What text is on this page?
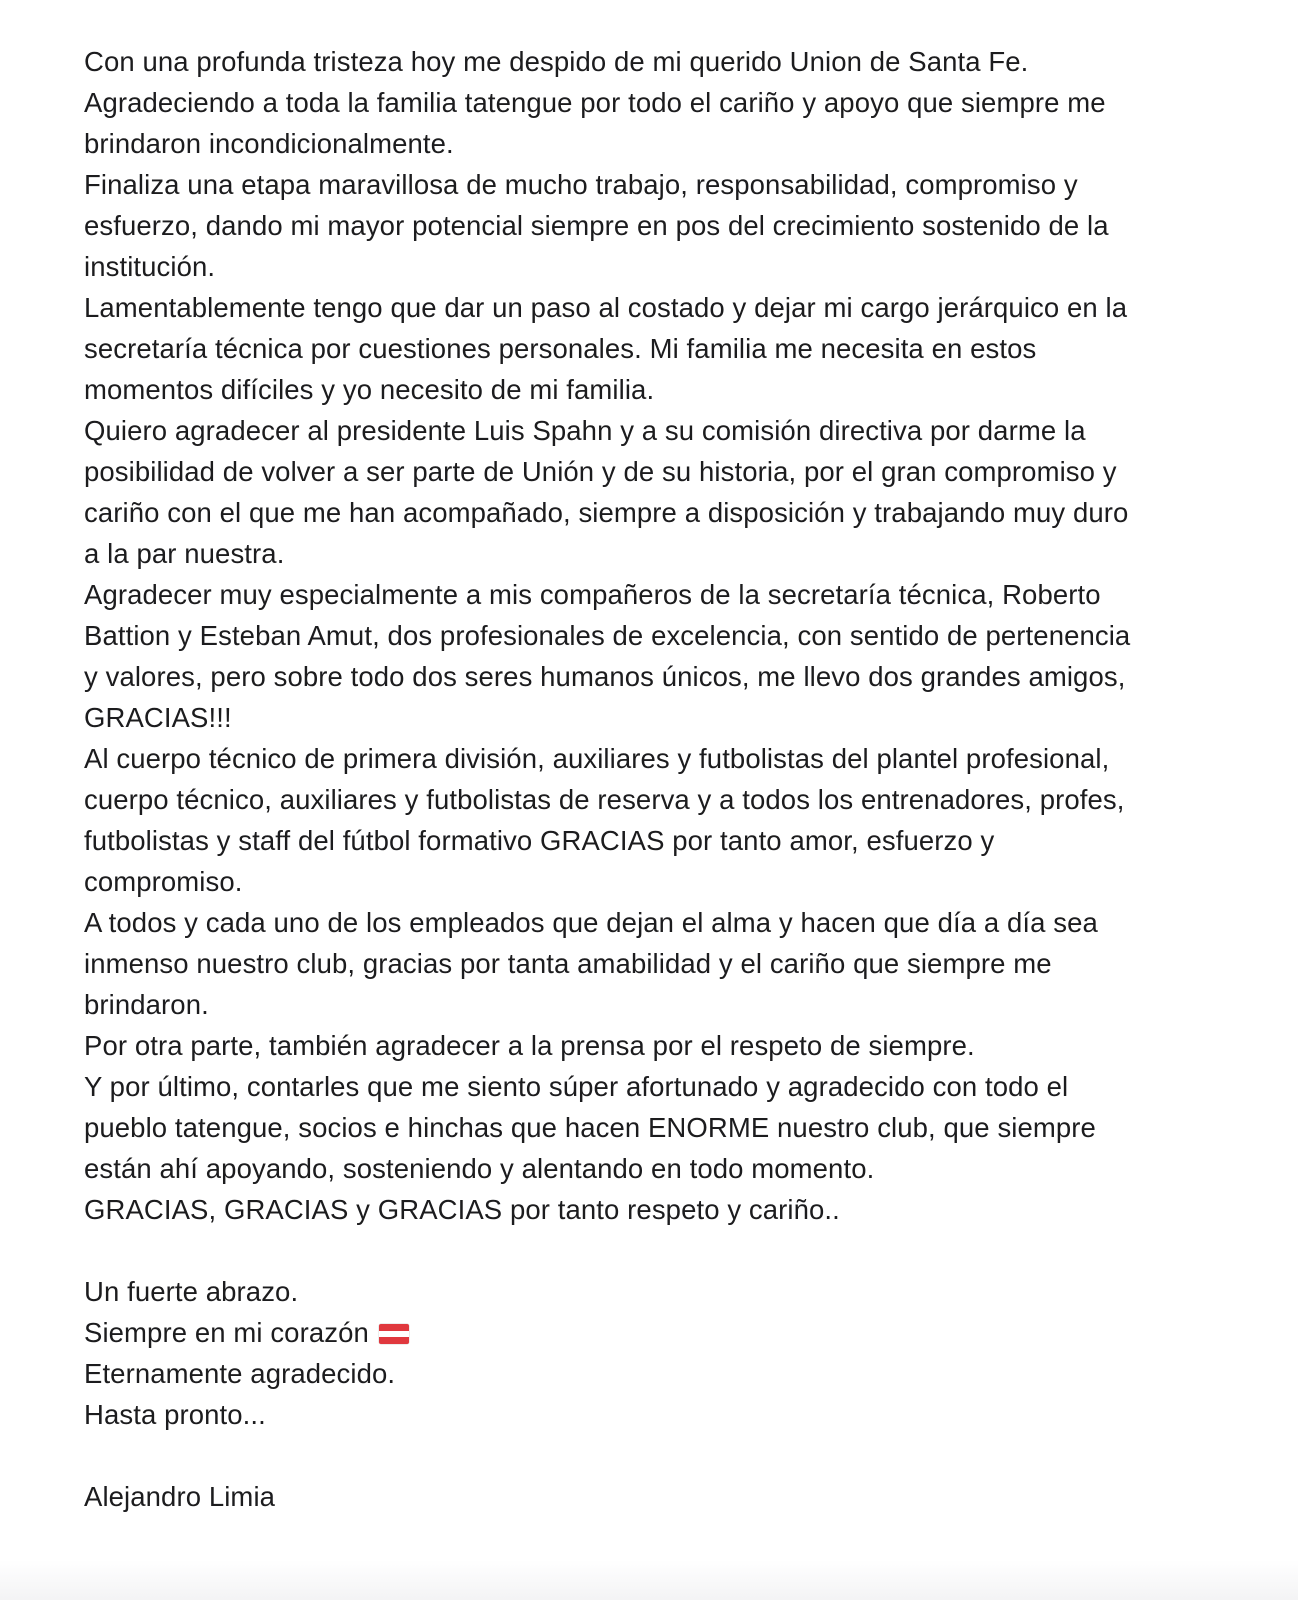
Con una profunda tristeza hoy me despido de mi querido Union de Santa Fe.
Agradeciendo a toda la familia tatengue por todo el cariño y apoyo que siempre me
brindaron incondicionalmente.
Finaliza una etapa maravillosa de mucho trabajo, responsabilidad, compromiso y
esfuerzo, dando mi mayor potencial siempre en pos del crecimiento sostenido de la
institución.
Lamentablemente tengo que dar un paso al costado y dejar mi cargo jerárquico en la
secretaría técnica por cuestiones personales. Mi familia me necesita en estos
momentos difíciles y yo necesito de mi familia.
Quiero agradecer al presidente Luis Spahn y a su comisión directiva por darme la
posibilidad de volver a ser parte de Unión y de su historia, por el gran compromiso y
cariño con el que me han acompañado, siempre a disposición y trabajando muy duro
a la par nuestra.
Agradecer muy especialmente a mis compañeros de la secretaría técnica, Roberto
Battion y Esteban Amut, dos profesionales de excelencia, con sentido de pertenencia
y valores, pero sobre todo dos seres humanos únicos, me llevo dos grandes amigos,
GRACIAS!!!
Al cuerpo técnico de primera división, auxiliares y futbolistas del plantel profesional,
cuerpo técnico, auxiliares y futbolistas de reserva y a todos los entrenadores, profes,
futbolistas y staff del fútbol formativo GRACIAS por tanto amor, esfuerzo y
compromiso.
A todos y cada uno de los empleados que dejan el alma y hacen que día a día sea
inmenso nuestro club, gracias por tanta amabilidad y el cariño que siempre me
brindaron.
Por otra parte, también agradecer a la prensa por el respeto de siempre.
Y por último, contarles que me siento súper afortunado y agradecido con todo el
pueblo tatengue, socios e hinchas que hacen ENORME nuestro club, que siempre
están ahí apoyando, sosteniendo y alentando en todo momento.
GRACIAS, GRACIAS y GRACIAS por tanto respeto y cariño..
Un fuerte abrazo.
Siempre en mi corazón
Eternamente agradecido.
Hasta pronto...
Alejandro Limia
